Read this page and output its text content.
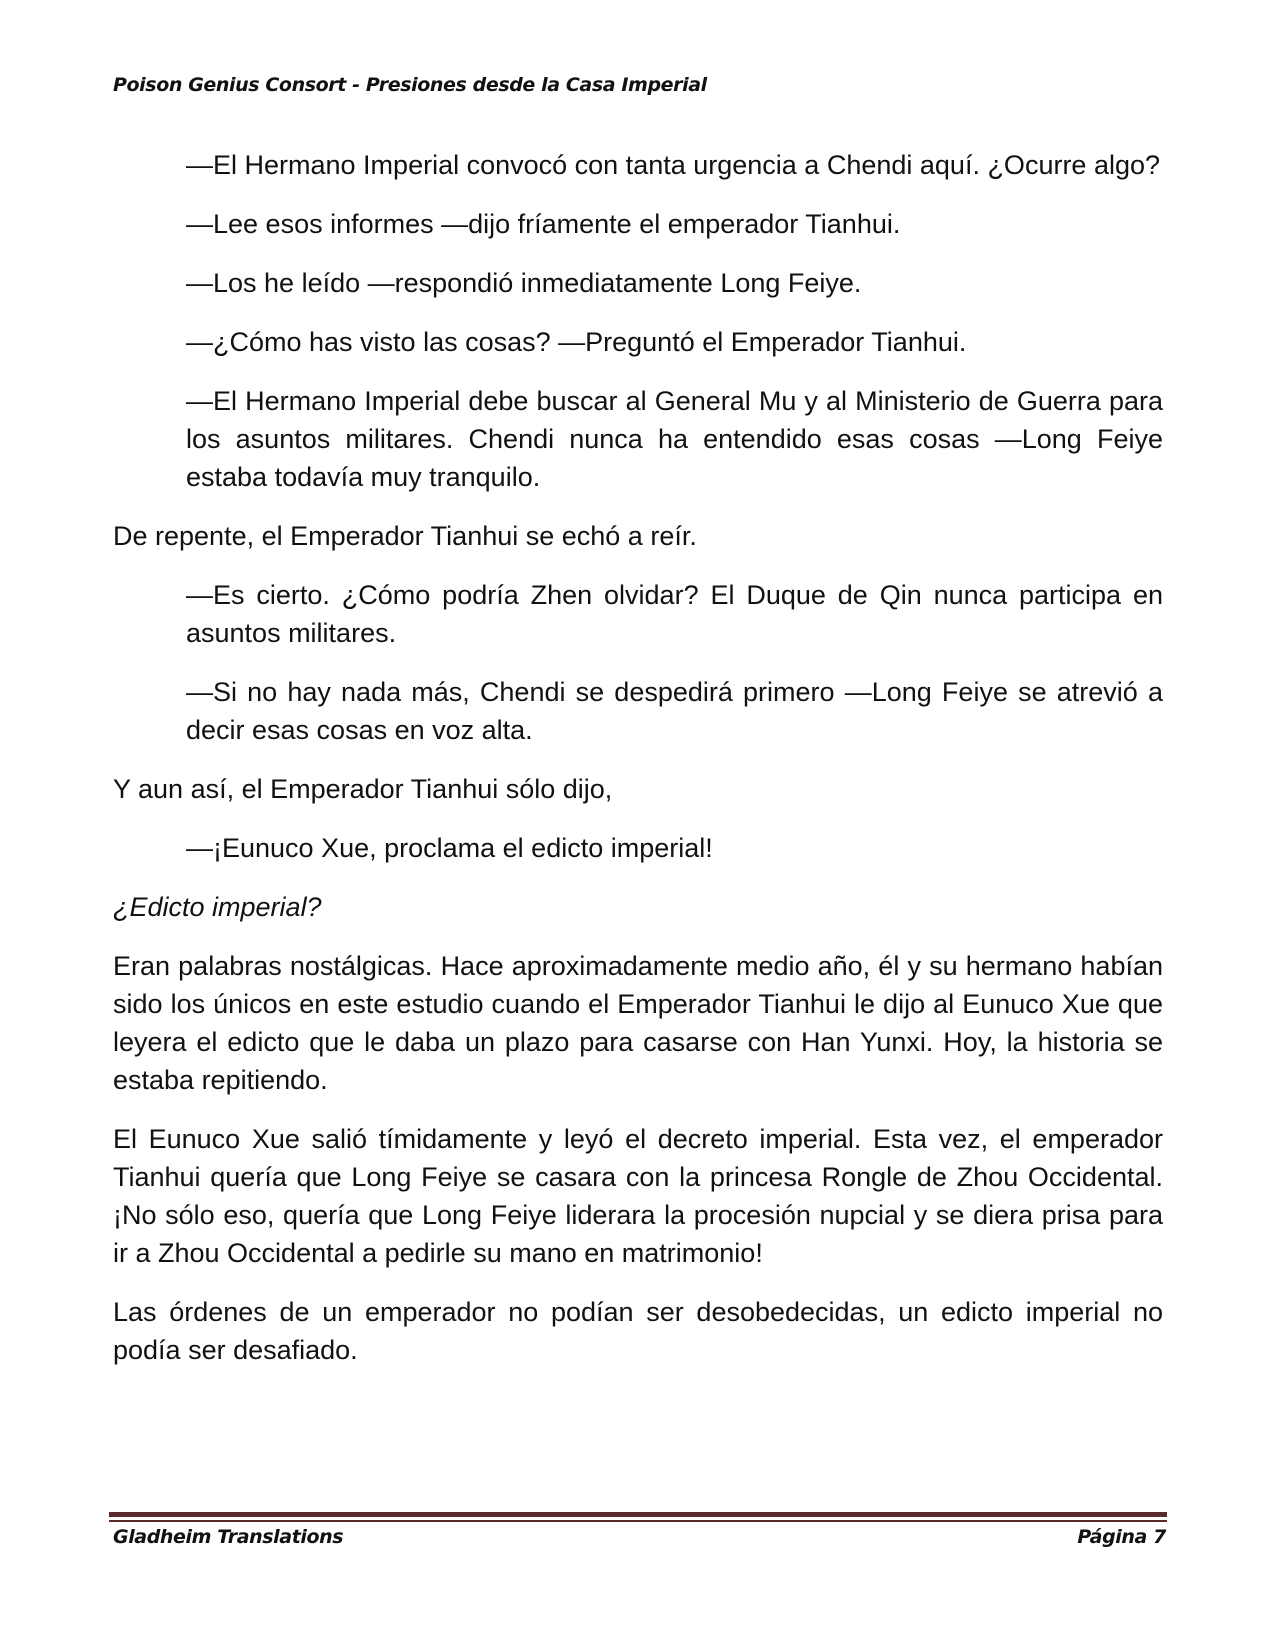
Poison Genius Consort - Presiones desde la Casa Imperial

—El Hermano Imperial convocó con tanta urgencia a Chendi aquí. ¿Ocurre algo?

—Lee esos informes —dijo fríamente el emperador Tianhui.

—Los he leído —respondió inmediatamente Long Feiye.

—¿Cómo has visto las cosas? —Preguntó el Emperador Tianhui.

—El Hermano Imperial debe buscar al General Mu y al Ministerio de Guerra para los asuntos militares. Chendi nunca ha entendido esas cosas —Long Feiye estaba todavía muy tranquilo.

De repente, el Emperador Tianhui se echó a reír.

—Es cierto. ¿Cómo podría Zhen olvidar? El Duque de Qin nunca participa en asuntos militares.

—Si no hay nada más, Chendi se despedirá primero —Long Feiye se atrevió a decir esas cosas en voz alta.

Y aun así, el Emperador Tianhui sólo dijo,

—¡Eunuco Xue, proclama el edicto imperial!

¿Edicto imperial?

Eran palabras nostálgicas. Hace aproximadamente medio año, él y su hermano habían sido los únicos en este estudio cuando el Emperador Tianhui le dijo al Eunuco Xue que leyera el edicto que le daba un plazo para casarse con Han Yunxi. Hoy, la historia se estaba repitiendo.

El Eunuco Xue salió tímidamente y leyó el decreto imperial. Esta vez, el emperador Tianhui quería que Long Feiye se casara con la princesa Rongle de Zhou Occidental. ¡No sólo eso, quería que Long Feiye liderara la procesión nupcial y se diera prisa para ir a Zhou Occidental a pedirle su mano en matrimonio!

Las órdenes de un emperador no podían ser desobedecidas, un edicto imperial no podía ser desafiado.

Gladheim Translations	Página 7
